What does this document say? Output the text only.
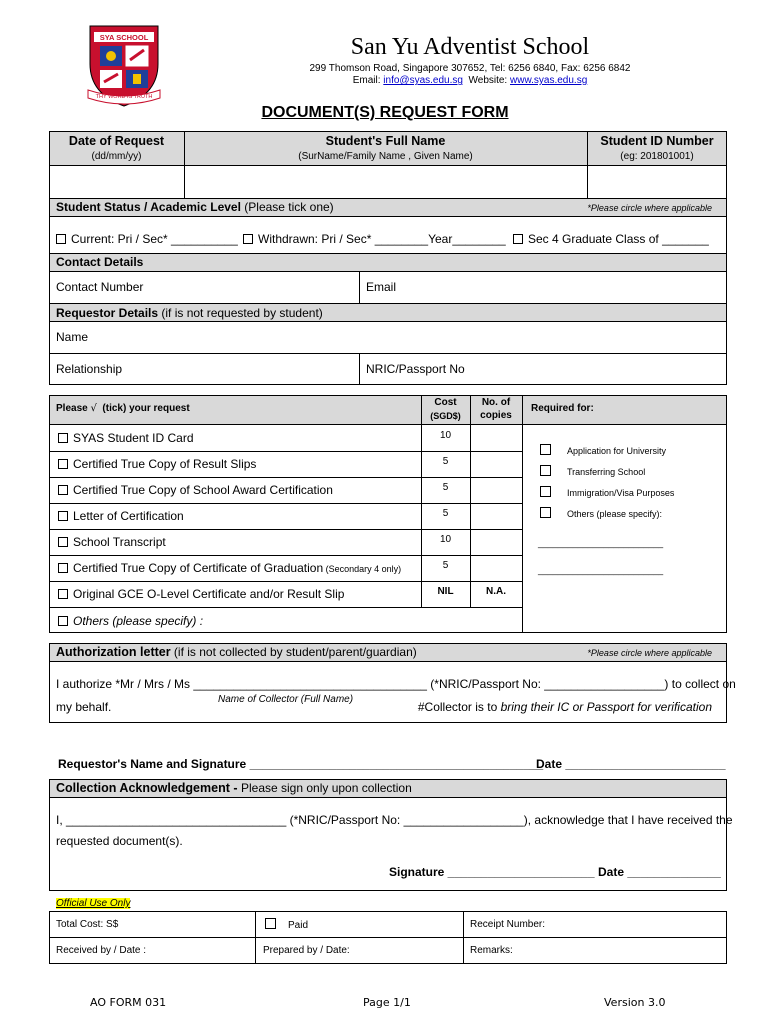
SYA SCHOOL
THY WORD IS TRUTH
San Yu Adventist School
299 Thomson Road, Singapore 307652, Tel: 6256 6840, Fax: 6256 6842
Email: info@syas.edu.sg  Website: www.syas.edu.sg
DOCUMENT(S) REQUEST FORM
Date of Request
(dd/mm/yy)
Student's Full Name
(SurName/Family Name , Given Name)
Student ID Number
(eg: 201801001)
Student Status / Academic Level (Please tick one)	*Please circle where applicable
Current: Pri / Sec* __________	Withdrawn: Pri / Sec* ________Year________	Sec 4 Graduate Class of _______
Contact Details
Contact Number	Email
Requestor Details (if is not requested by student)
Name
Relationship	NRIC/Passport No
Please √  (tick) your request
Cost
(SGD$)
No. of
copies
Required for:
SYAS Student ID Card	10
Certified True Copy of Result Slips	5
Certified True Copy of School Award Certification	5
Letter of Certification	5
School Transcript	10
Certified True Copy of Certificate of Graduation (Secondary 4 only)	5
Original GCE O-Level Certificate and/or Result Slip	NIL	N.A.
Others (please specify) :
Application for University
Transferring School
Immigration/Visa Purposes
Others (please specify):
_________________________
_________________________
Authorization letter (if is not collected by student/parent/guardian)	*Please circle where applicable
I authorize *Mr / Mrs / Ms ___________________________________ (*NRIC/Passport No: __________________) to collect on
Name of Collector (Full Name)
my behalf.	#Collector is to bring their IC or Passport for verification
Requestor's Name and Signature ____________________________________________
Date ________________________
Collection Acknowledgement - Please sign only upon collection
I, _________________________________ (*NRIC/Passport No: __________________), acknowledge that I have received the
requested document(s).
Signature ______________________ Date ______________
Official Use Only
Total Cost: S$	Paid	Receipt Number:
Received by / Date :	Prepared by / Date:	Remarks:
AO FORM 031	Page 1/1	Version 3.0
